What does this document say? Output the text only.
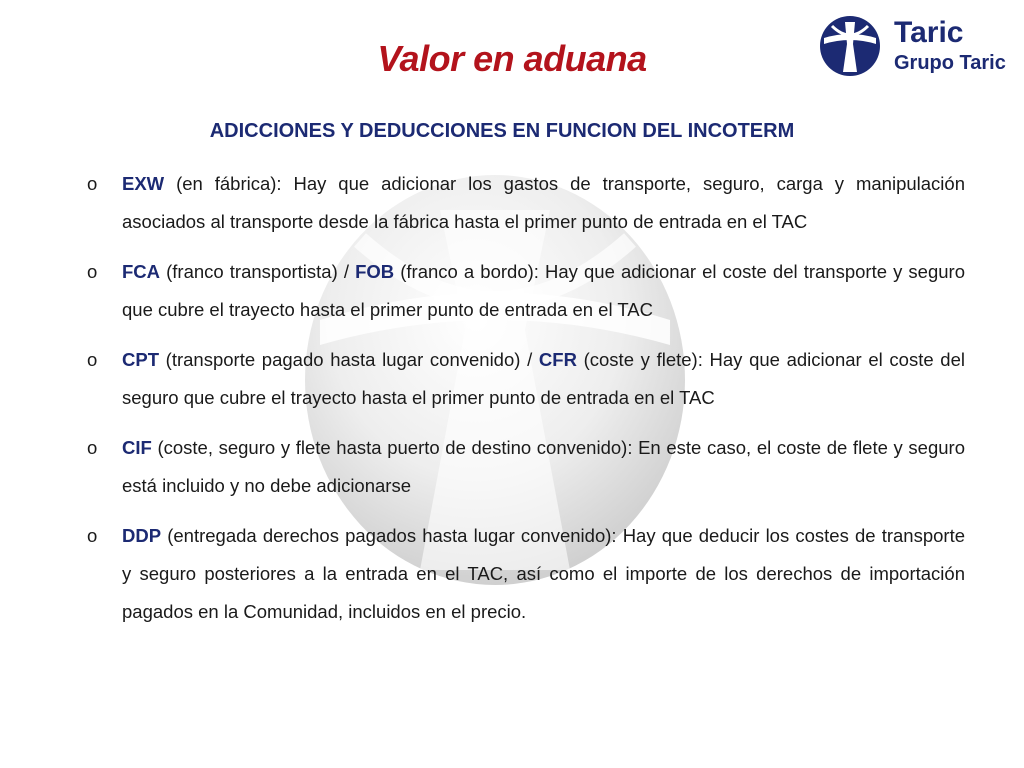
Valor en aduana
Taric
Grupo Taric
ADICCIONES Y DEDUCCIONES EN FUNCION DEL INCOTERM
o EXW (en fábrica): Hay que adicionar los gastos de transporte, seguro, carga y manipulación asociados al transporte desde la fábrica hasta el primer punto de entrada en el TAC
o FCA (franco transportista) / FOB (franco a bordo): Hay que adicionar el coste del transporte y seguro que cubre el trayecto hasta el primer punto de entrada en el TAC
o CPT (transporte pagado hasta lugar convenido) / CFR (coste y flete): Hay que adicionar el coste del seguro que cubre el trayecto hasta el primer punto de entrada en el TAC
o CIF (coste, seguro y flete hasta puerto de destino convenido): En este caso, el coste de flete y seguro está incluido y no debe adicionarse
o DDP (entregada derechos pagados hasta lugar convenido): Hay que deducir los costes de transporte y seguro posteriores a la entrada en el TAC, así como el importe de los derechos de importación pagados en la Comunidad, incluidos en el precio.
